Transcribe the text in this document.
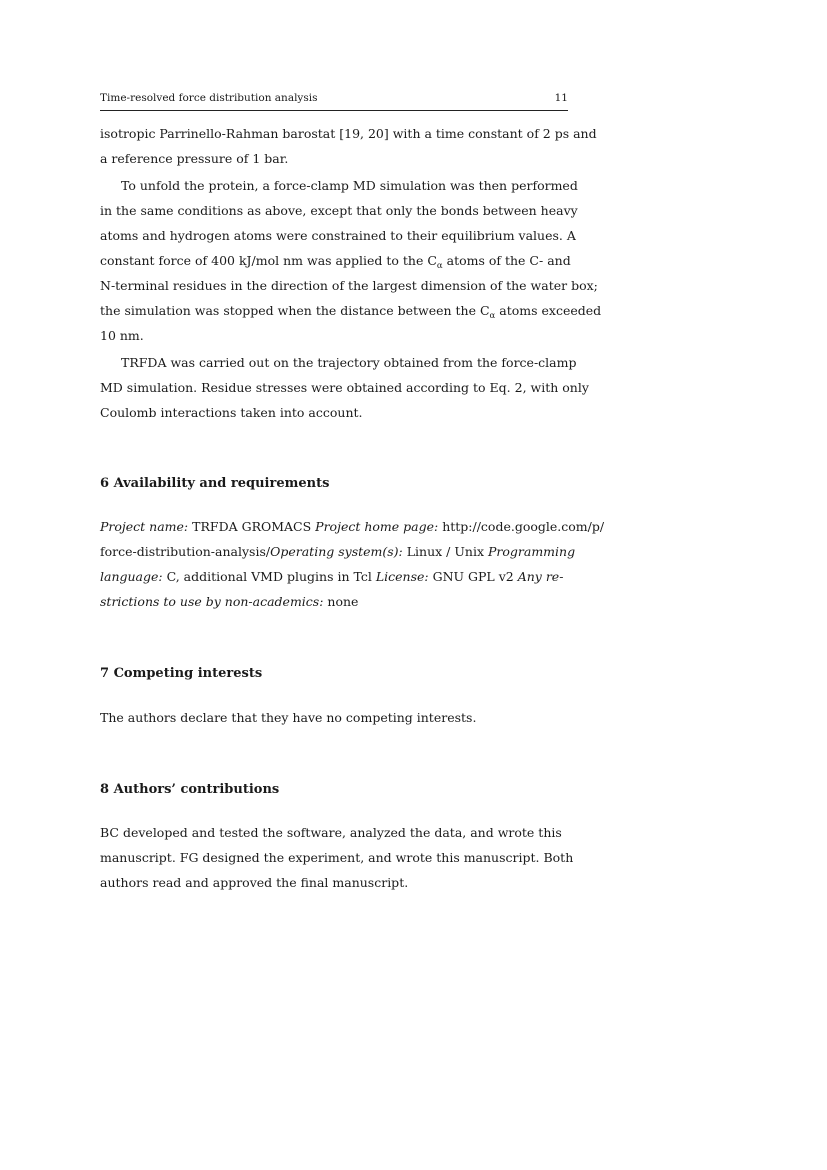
Time-resolved force distribution analysis	11
isotropic Parrinello-Rahman barostat [19, 20] with a time constant of 2 ps and
a reference pressure of 1 bar.
To unfold the protein, a force-clamp MD simulation was then performed
in the same conditions as above, except that only the bonds between heavy
atoms and hydrogen atoms were constrained to their equilibrium values. A
constant force of 400 kJ/mol nm was applied to the $C_\alpha$ atoms of the C- and
N-terminal residues in the direction of the largest dimension of the water box;
the simulation was stopped when the distance between the $C_\alpha$ atoms exceeded
10 nm.
TRFDA was carried out on the trajectory obtained from the force-clamp
MD simulation. Residue stresses were obtained according to Eq. 2, with only
Coulomb interactions taken into account.
6 Availability and requirements
Project name: TRFDA GROMACS Project home page: http://code.google.com/p/
force-distribution-analysis/Operating system(s): Linux / Unix Programming
language: C, additional VMD plugins in Tcl License: GNU GPL v2 Any re-
strictions to use by non-academics: none
7 Competing interests
The authors declare that they have no competing interests.
8 Authors’ contributions
BC developed and tested the software, analyzed the data, and wrote this
manuscript. FG designed the experiment, and wrote this manuscript. Both
authors read and approved the final manuscript.
